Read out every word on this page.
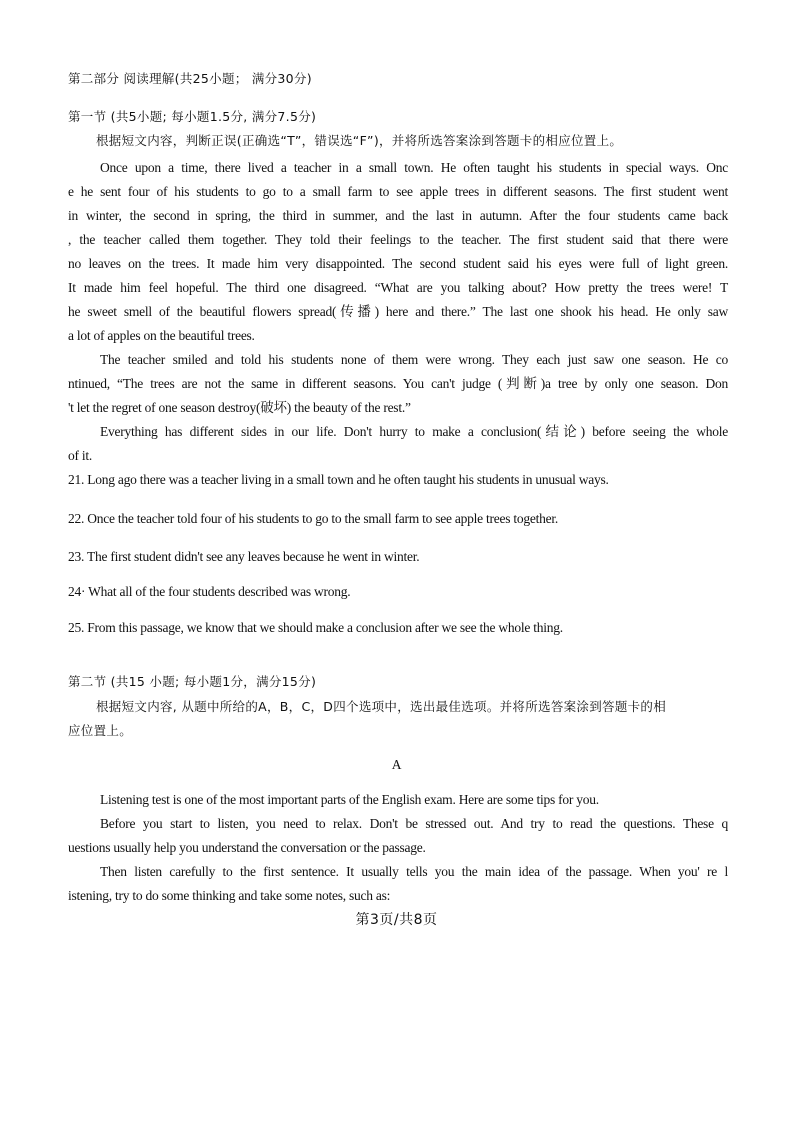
第二部分 阅读理解(共25小题； 满分30分)
第一节 (共5小题; 每小题1.5分, 满分7.5分)
根据短文内容，判断正误(正确选“T”，错误选“F”)，并将所选答案涂到答题卡的相应位置上。
Once upon a time, there lived a teacher in a small town. He often taught his students in special ways. Onc
e he sent four of his students to go to a small farm to see apple trees in different seasons. The first student went
in winter, the second in spring, the third in summer, and the last in autumn. After the four students came back
, the teacher called them together. They told their feelings to the teacher. The first student said that there were
no leaves on the trees. It made him very disappointed. The second student said his eyes were full of light green.
It made him feel hopeful. The third one disagreed. “What are you talking about? How pretty the trees were! T
he sweet smell of the beautiful flowers spread(传播) here and there.” The last one shook his head. He only saw
a lot of apples on the beautiful trees.
The teacher smiled and told his students none of them were wrong. They each just saw one season. He co
ntinued, “The trees are not the same in different seasons. You can't judge (判断)a tree by only one season. Don
't let the regret of one season destroy(破坏) the beauty of the rest.”
Everything has different sides in our life. Don't hurry to make a conclusion(结论) before seeing the whole
of it.
21. Long ago there was a teacher living in a small town and he often taught his students in unusual ways.
22. Once the teacher told four of his students to go to the small farm to see apple trees together.
23. The first student didn't see any leaves because he went in winter.
24· What all of the four students described was wrong.
25. From this passage, we know that we should make a conclusion after we see the whole thing.
第二节 (共15 小题; 每小题1分，满分15分)
根据短文内容, 从题中所给的A，B，C，D四个选项中，选出最佳选项。并将所选答案涂到答题卡的相
应位置上。
A
Listening test is one of the most important parts of the English exam. Here are some tips for you.
Before you start to listen, you need to relax. Don't be stressed out. And try to read the questions. These q
uestions usually help you understand the conversation or the passage.
Then listen carefully to the first sentence. It usually tells you the main idea of the passage. When you' re l
istening, try to do some thinking and take some notes, such as:
第3页/共8页
